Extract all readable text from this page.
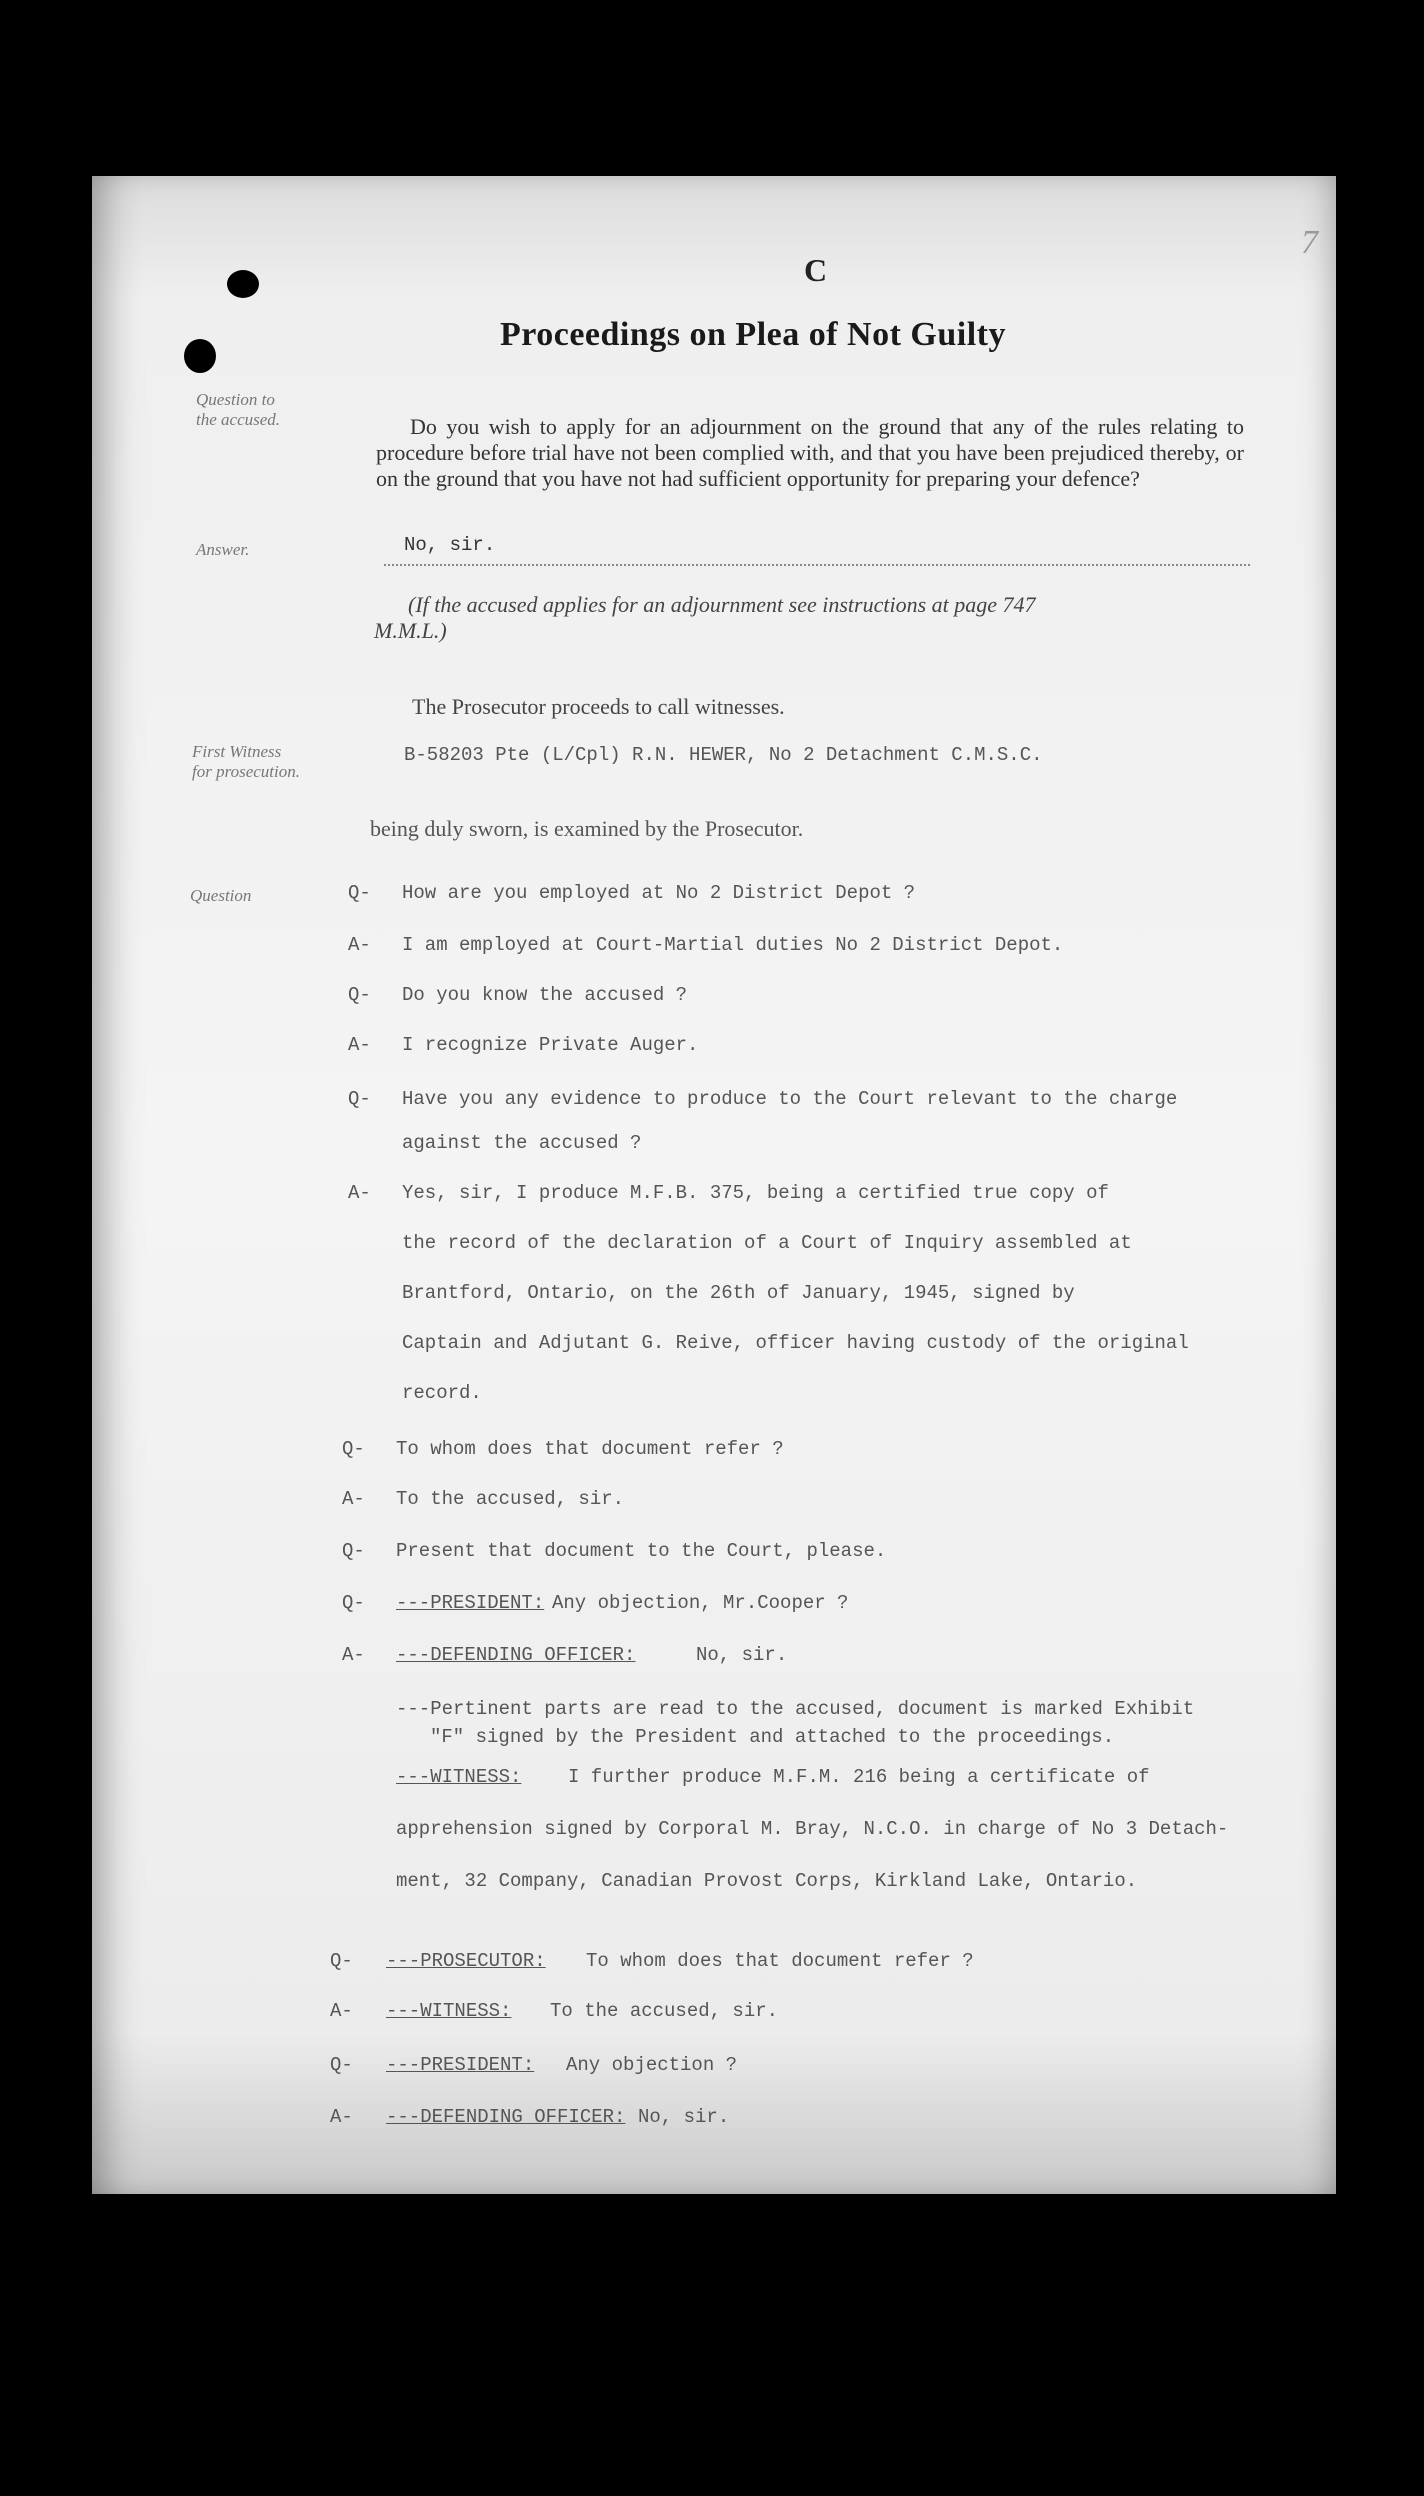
7
C
Proceedings on Plea of Not Guilty
Question to
the accused.	Do you wish to apply for an adjournment on the ground that any of the rules relating to procedure before trial have not been complied with, and that you have been prejudiced thereby, or on the ground that you have not had sufficient opportunity for preparing your defence?
Answer.	No, sir.
(If the accused applies for an adjournment see instructions at page 747
M.M.L.)
The Prosecutor proceeds to call witnesses.
First Witness
for prosecution.
B-58203 Pte (L/Cpl) R.N. HEWER, No 2 Detachment C.M.S.C.
being duly sworn, is examined by the Prosecutor.
Question	Q-	How are you employed at No 2 District Depot ?
A- I am employed at Court-Martial duties No 2 District Depot.
Q- Do you know the accused ?
A- I recognize Private Auger.
Q- Have you any evidence to produce to the Court relevant to the charge
against the accused ?
A- Yes, sir, I produce M.F.B. 375, being a certified true copy of
the record of the declaration of a Court of Inquiry assembled at
Brantford, Ontario, on the 26th of January, 1945, signed by
Captain and Adjutant G. Reive, officer having custody of the original
record.
Q- To whom does that document refer ?
A- To the accused, sir.
Q- Present that document to the Court, please.
Q- ---PRESIDENT: Any objection, Mr.Cooper ?
A- ---DEFENDING OFFICER:	No, sir.
---Pertinent parts are read to the accused, document is marked Exhibit
"F" signed by the President and attached to the proceedings.
---WITNESS: I further produce M.F.M. 216 being a certificate of
apprehension signed by Corporal M. Bray, N.C.O. in charge of No 3 Detach-
ment, 32 Company, Canadian Provost Corps, Kirkland Lake, Ontario.
Q- ---PROSECUTOR: To whom does that document refer ?
A- ---WITNESS: To the accused, sir.
Q- ---PRESIDENT: Any objection ?
A- ---DEFENDING OFFICER: No, sir.
